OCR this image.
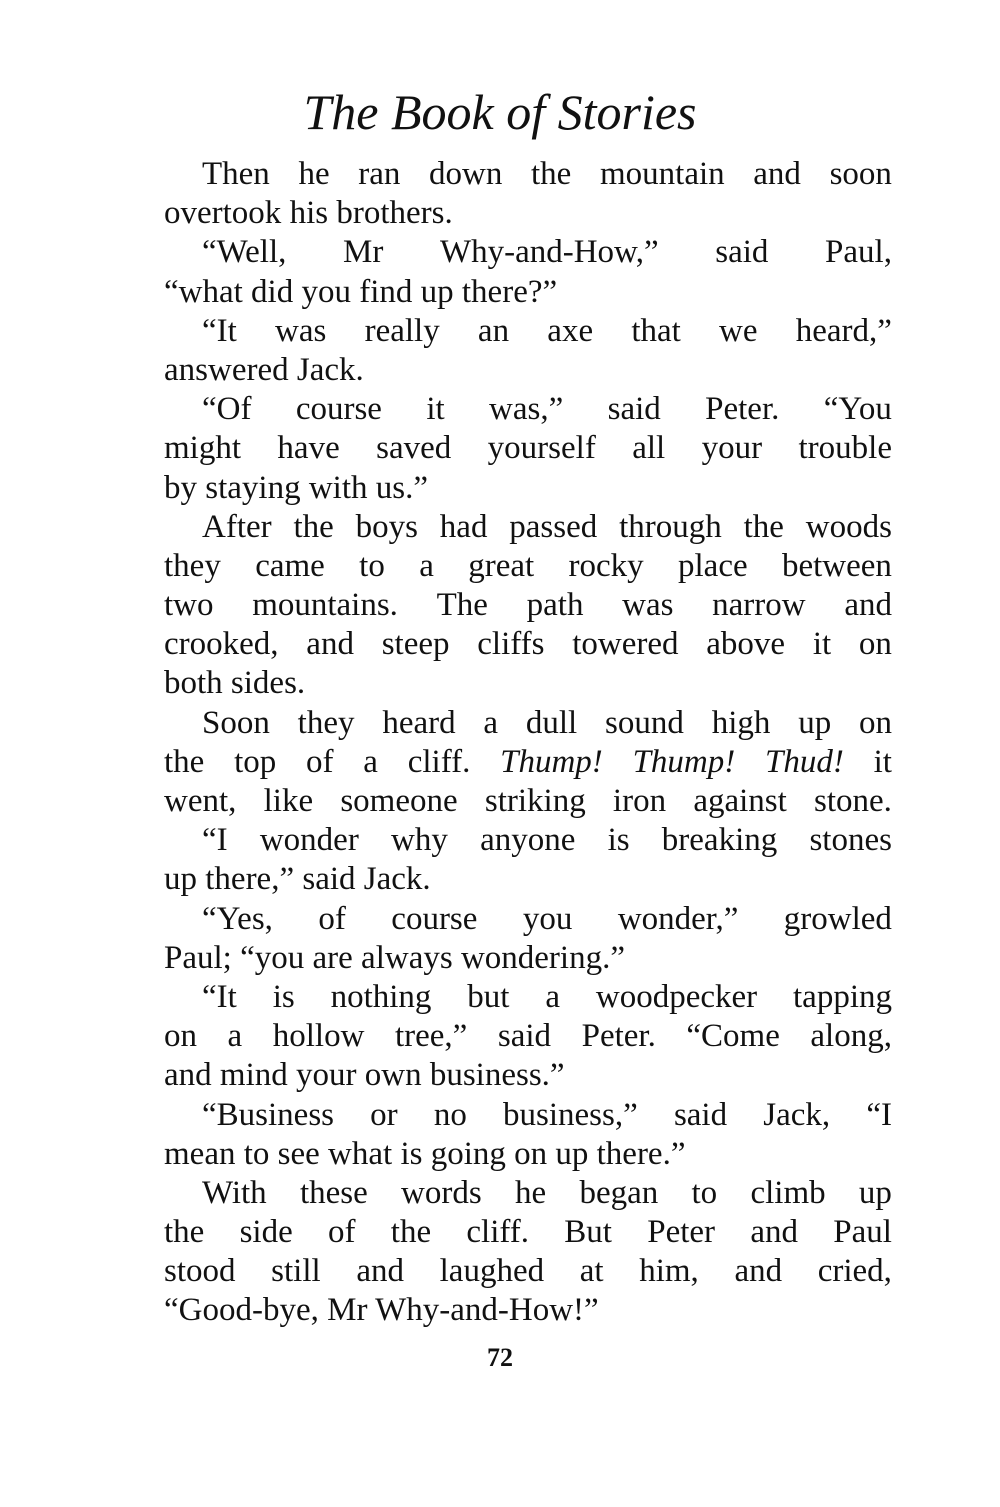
The Book of Stories
Then he ran down the mountain and soon
overtook his brothers.
“Well, Mr Why-and-How,” said Paul,
“what did you find up there?”
“It was really an axe that we heard,”
answered Jack.
“Of course it was,” said Peter. “You
might have saved yourself all your trouble
by staying with us.”
After the boys had passed through the woods
they came to a great rocky place between
two mountains. The path was narrow and
crooked, and steep cliffs towered above it on
both sides.
Soon they heard a dull sound high up on
the top of a cliff. Thump! Thump! Thud! it
went, like someone striking iron against stone.
“I wonder why anyone is breaking stones
up there,” said Jack.
“Yes, of course you wonder,” growled
Paul; “you are always wondering.”
“It is nothing but a woodpecker tapping
on a hollow tree,” said Peter. “Come along,
and mind your own business.”
“Business or no business,” said Jack, “I
mean to see what is going on up there.”
With these words he began to climb up
the side of the cliff. But Peter and Paul
stood still and laughed at him, and cried,
“Good-bye, Mr Why-and-How!”
72
